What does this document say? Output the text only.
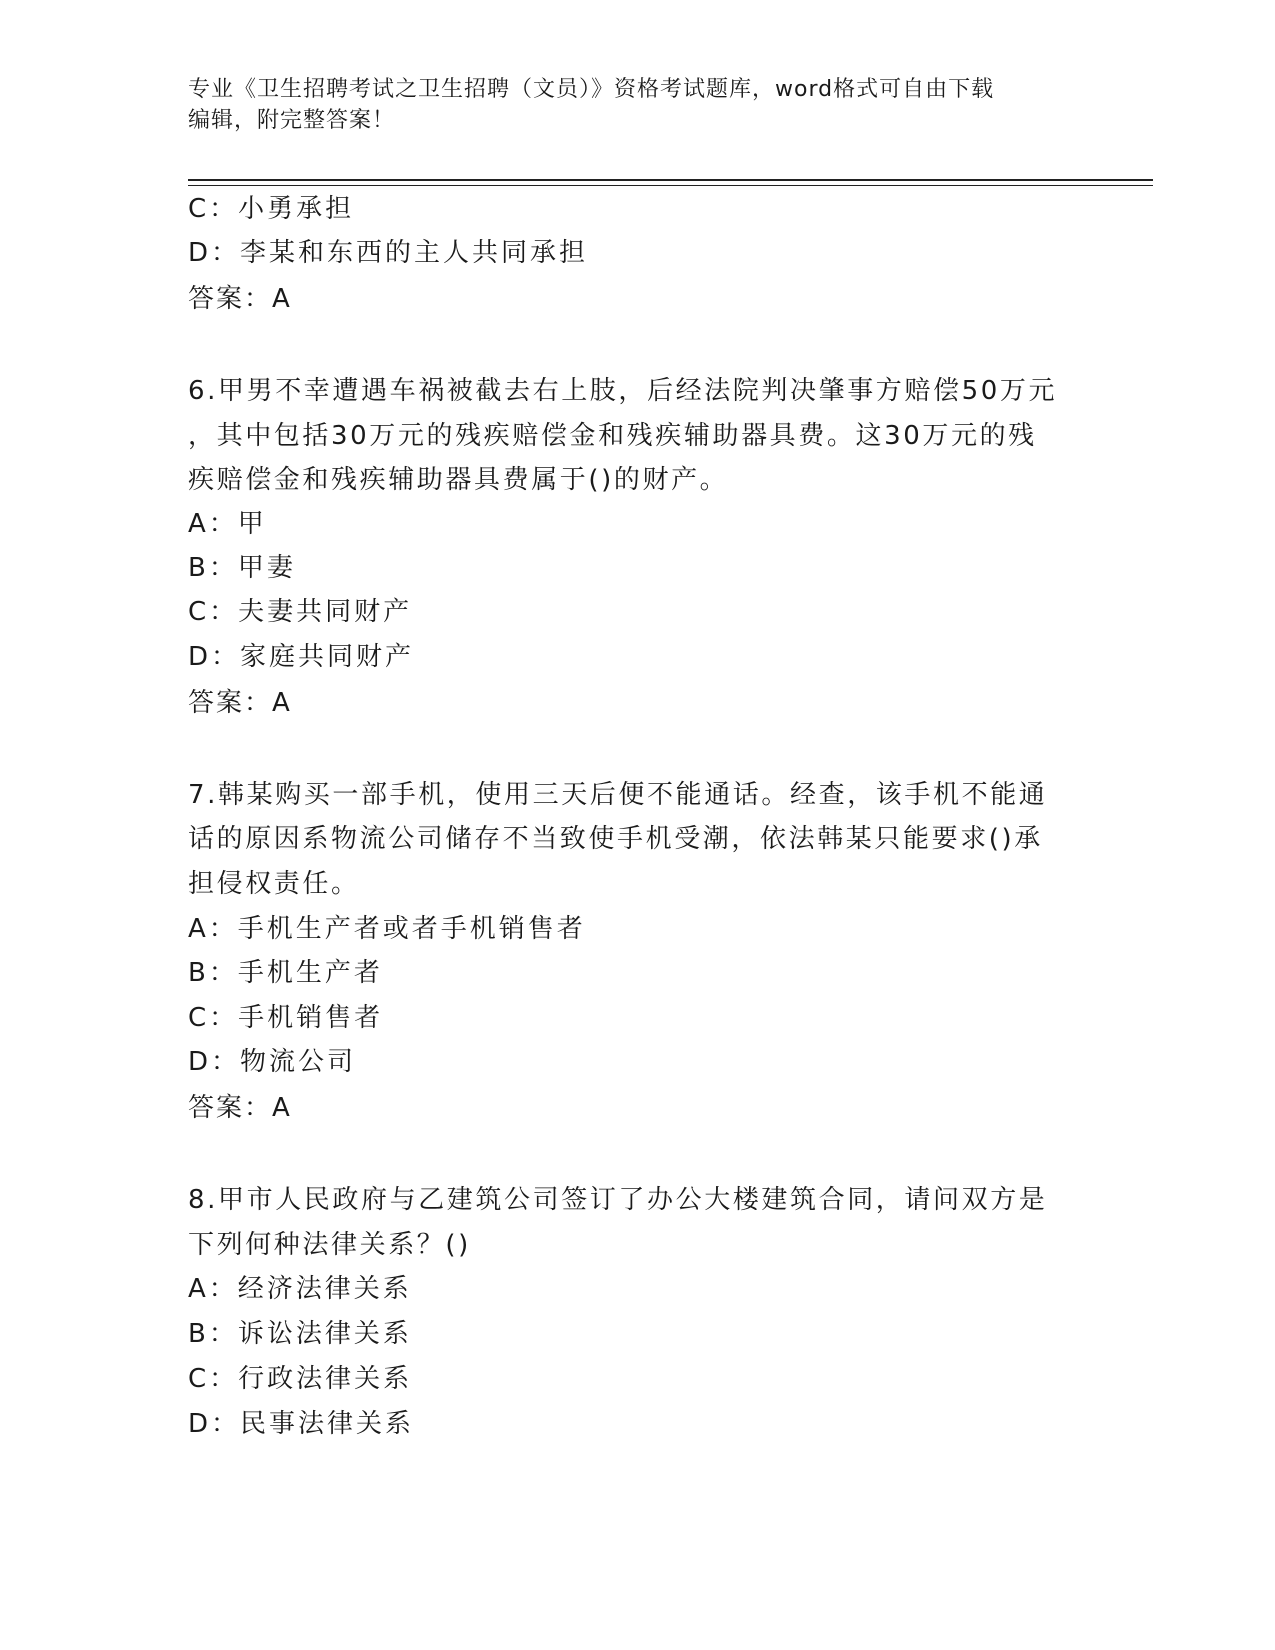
专业《卫生招聘考试之卫生招聘（文员）》资格考试题库，word格式可自由下载
编辑，附完整答案！
C：小勇承担
D：李某和东西的主人共同承担
答案：A
6.甲男不幸遭遇车祸被截去右上肢，后经法院判决肇事方赔偿50万元
，其中包括30万元的残疾赔偿金和残疾辅助器具费。这30万元的残
疾赔偿金和残疾辅助器具费属于()的财产。
A：甲
B：甲妻
C：夫妻共同财产
D：家庭共同财产
答案：A
7.韩某购买一部手机，使用三天后便不能通话。经查，该手机不能通
话的原因系物流公司储存不当致使手机受潮，依法韩某只能要求()承
担侵权责任。
A：手机生产者或者手机销售者
B：手机生产者
C：手机销售者
D：物流公司
答案：A
8.甲市人民政府与乙建筑公司签订了办公大楼建筑合同，请问双方是
下列何种法律关系？()
A：经济法律关系
B：诉讼法律关系
C：行政法律关系
D：民事法律关系
